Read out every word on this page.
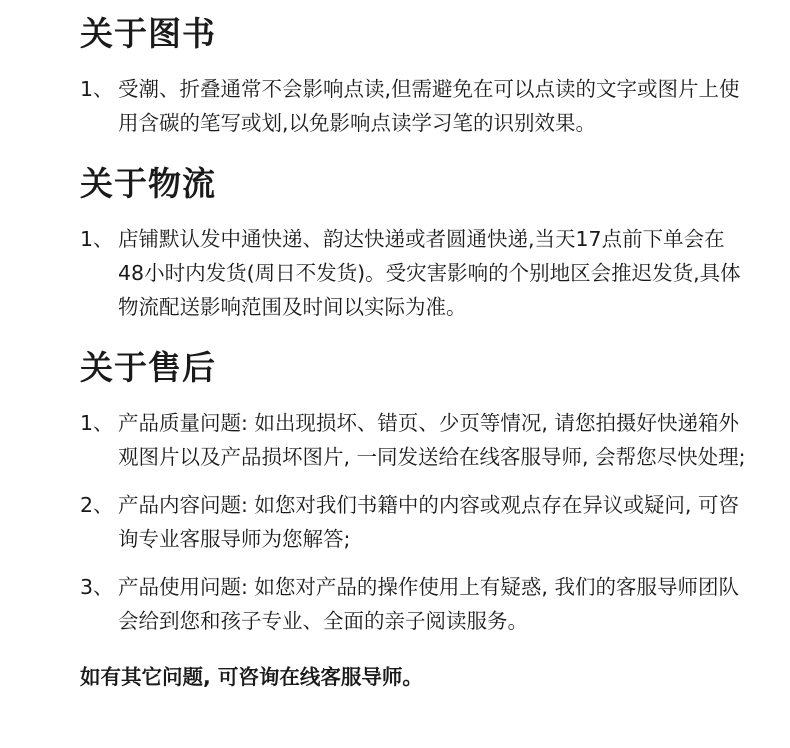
关于图书
1、 受潮、折叠通常不会影响点读,但需避免在可以点读的文字或图片上使用含碳的笔写或划,以免影响点读学习笔的识别效果。
关于物流
1、 店铺默认发中通快递、韵达快递或者圆通快递,当天17点前下单会在48小时内发货(周日不发货)。受灾害影响的个别地区会推迟发货,具体物流配送影响范围及时间以实际为准。
关于售后
1、 产品质量问题: 如出现损坏、错页、少页等情况, 请您拍摄好快递箱外观图片以及产品损坏图片, 一同发送给在线客服导师, 会帮您尽快处理;
2、 产品内容问题: 如您对我们书籍中的内容或观点存在异议或疑问, 可咨询专业客服导师为您解答;
3、 产品使用问题: 如您对产品的操作使用上有疑惑, 我们的客服导师团队会给到您和孩子专业、全面的亲子阅读服务。
如有其它问题, 可咨询在线客服导师。
